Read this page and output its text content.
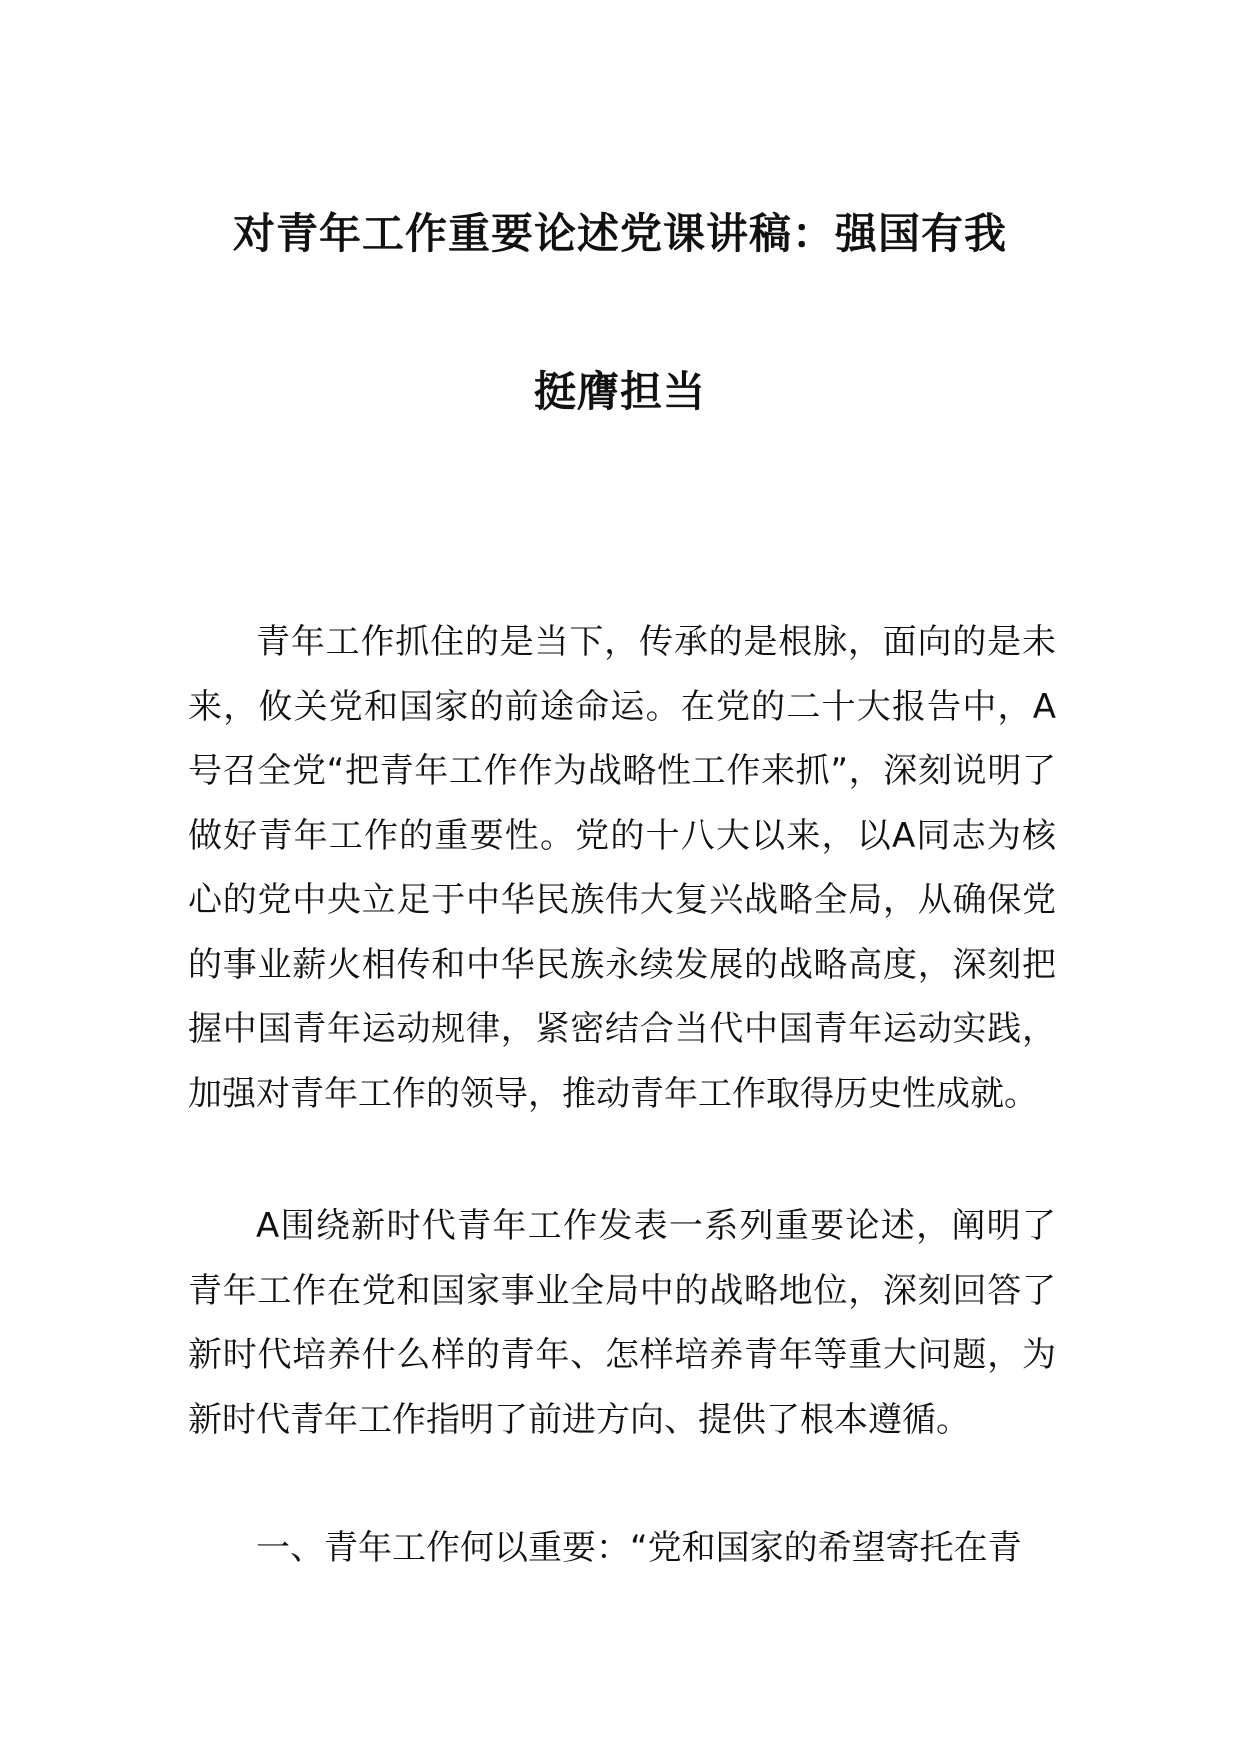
对青年工作重要论述党课讲稿：强国有我
挺膺担当

青年工作抓住的是当下，传承的是根脉，面向的是未来，攸关党和国家的前途命运。在党的二十大报告中，A号召全党“把青年工作作为战略性工作来抓”，深刻说明了做好青年工作的重要性。党的十八大以来，以A同志为核心的党中央立足于中华民族伟大复兴战略全局，从确保党的事业薪火相传和中华民族永续发展的战略高度，深刻把握中国青年运动规律，紧密结合当代中国青年运动实践，加强对青年工作的领导，推动青年工作取得历史性成就。

A围绕新时代青年工作发表一系列重要论述，阐明了青年工作在党和国家事业全局中的战略地位，深刻回答了新时代培养什么样的青年、怎样培养青年等重大问题，为新时代青年工作指明了前进方向、提供了根本遵循。

一、青年工作何以重要：“党和国家的希望寄托在青
